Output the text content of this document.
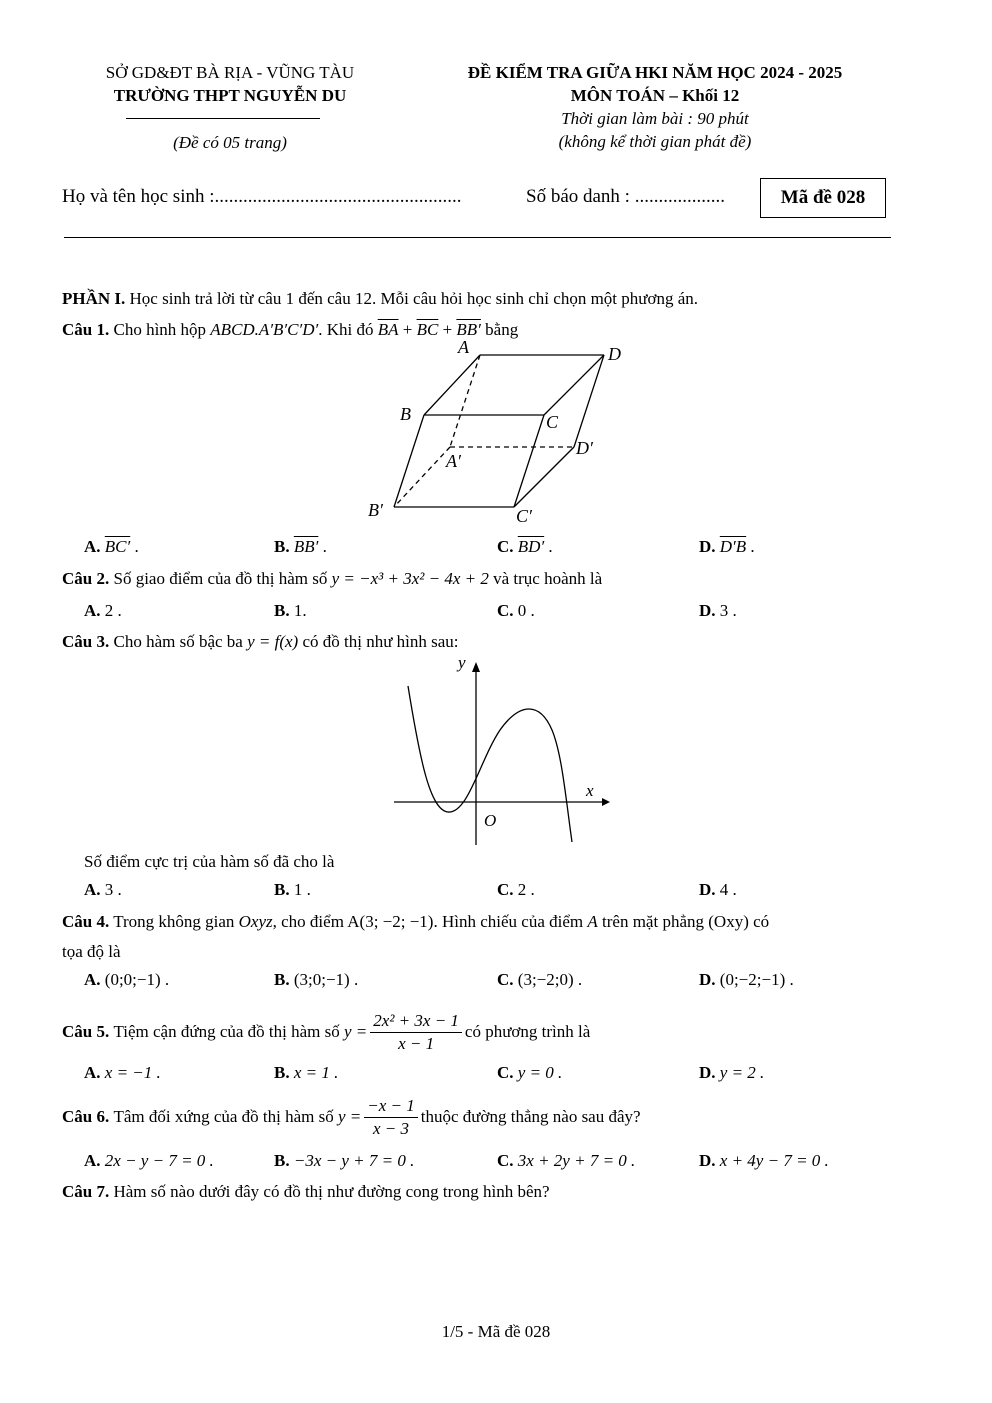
SỞ GD&ĐT BÀ RỊA - VŨNG TÀU
TRƯỜNG THPT NGUYỄN DU
(Đề có 05 trang)
ĐỀ KIỂM TRA GIỮA HKI NĂM HỌC 2024 - 2025
MÔN TOÁN – Khối 12
Thời gian làm bài : 90 phút
(không kể thời gian phát đề)
Họ và tên học sinh :....................................................	Số báo danh : ...................	Mã đề 028
PHẦN I. Học sinh trả lời từ câu 1 đến câu 12. Mỗi câu hỏi học sinh chỉ chọn một phương án.
Câu 1. Cho hình hộp ABCD.A′B′C′D′. Khi đó $\overline{BA} + \overline{BC} + BB'$ bằng
A	D
B	C
A′
D′
B′	C′
A. BC′ .	B. BB′ .	C. BD′ .	D. D′B .
Câu 2. Số giao điểm của đồ thị hàm số y = −x³ + 3x² − 4x + 2 và trục hoành là
A. 2 .	B. 1.	C. 0 .	D. 3 .
Câu 3. Cho hàm số bậc ba y = f(x) có đồ thị như hình sau:
y
x
O
Số điểm cực trị của hàm số đã cho là
A. 3 .	B. 1 .	C. 2 .	D. 4 .
Câu 4. Trong không gian Oxyz, cho điểm A(3; −2; −1). Hình chiếu của điểm A trên mặt phẳng (Oxy) có
tọa độ là
A. (0;0;−1) .	B. (3;0;−1) .	C. (3;−2;0) .	D. (0;−2;−1) .
Câu 5.
Tiệm cận đứng của đồ thị hàm số
$y = \frac{\text{2x² + 3x − 1}}{x - 1}$ có phương trình là
A. x = −1 .	B. x = 1 .	C. y = 0 .	D. y = 2 .
Câu 6.
Tâm đối xứng của đồ thị hàm số
$y = \frac{-x - 1}{x - 3}$ thuộc đường thẳng nào sau đây?
A. 2x − y − 7 = 0 .	B. −3x − y + 7 = 0 .	C. 3x + 2y + 7 = 0 .	D. x + 4y − 7 = 0 .
Câu 7. Hàm số nào dưới đây có đồ thị như đường cong trong hình bên?
1/5 - Mã đề 028
